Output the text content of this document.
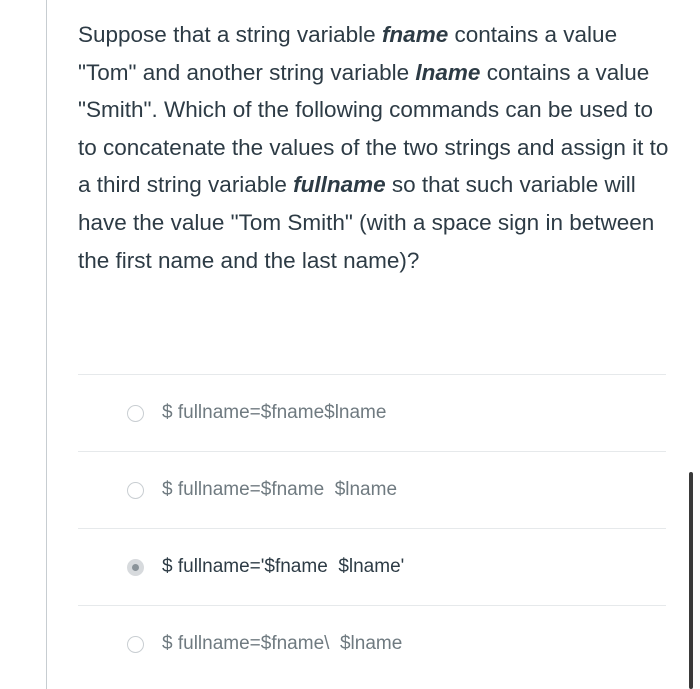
Suppose that a string variable fname contains a value "Tom" and another string variable lname contains a value "Smith". Which of the following commands can be used to to concatenate the values of the two strings and assign it to a third string variable fullname so that such variable will have the value "Tom Smith" (with a space sign in between the first name and the last name)?
$ fullname=$fname$lname
$ fullname=$fname  $lname
$ fullname='$fname  $lname'
$ fullname=$fname\  $lname
